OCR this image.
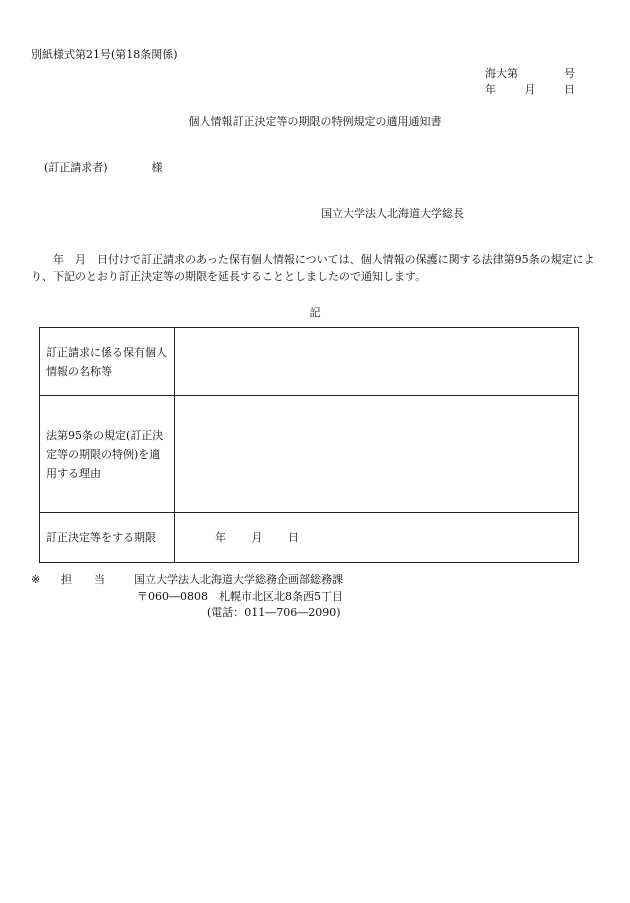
別紙様式第21号(第18条関係)
海大第	号
年	月	日
個人情報訂正決定等の期限の特例規定の適用通知書
(訂正請求者)	様
国立大学法人北海道大学総長
年　月　日付けで訂正請求のあった保有個人情報については、個人情報の保護に関する法律第95条の規定により、下記のとおり訂正決定等の期限を延長することとしましたので通知します。
記
訂正請求に係る保有個人情報の名称等	
法第95条の規定(訂正決定等の期限の特例)を適用する理由	
訂正決定等をする期限	年 月 日
※ 担　　当	国立大学法人北海道大学総務企画部総務課
〒060―0808　札幌市北区北8条西5丁目
(電話：011―706―2090)
